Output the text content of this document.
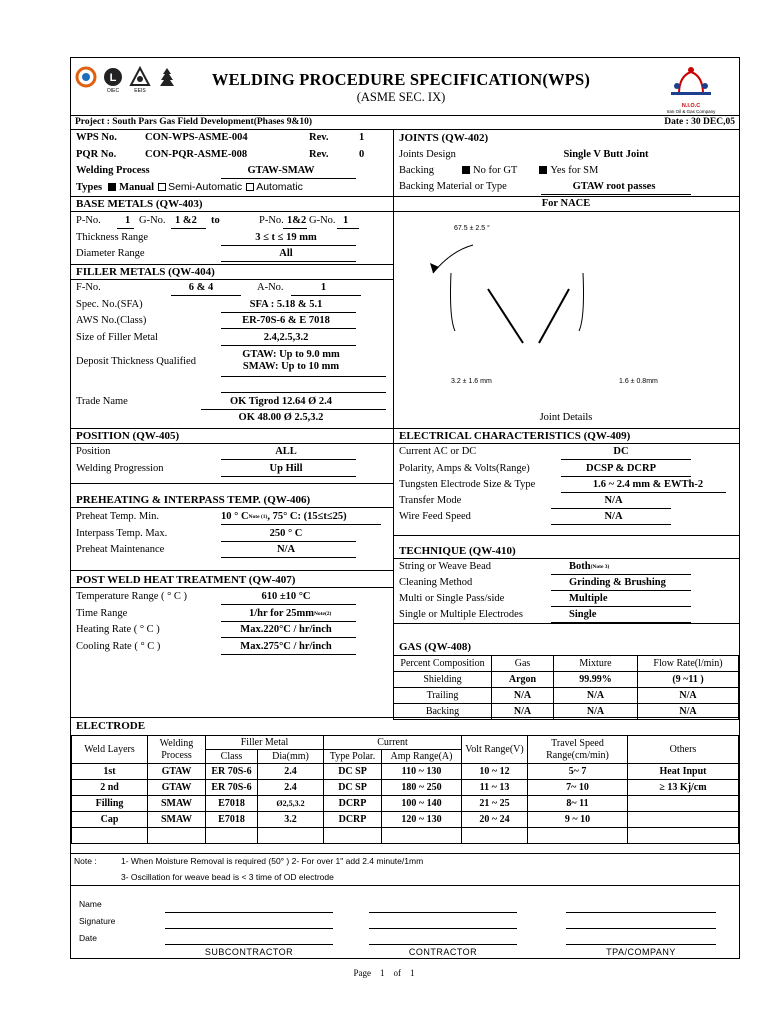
L
OIEC	EEIS
WELDING PROCEDURE SPECIFICATION(WPS)
(ASME SEC. IX)
N.I.O.C
Iran Oil & Gas Company
Project : South Pars Gas Field Development(Phases 9&10)	Date : 30 DEC,05
WPS No.	CON-WPS-ASME-004	Rev.	1
PQR No.	CON-PQR-ASME-008	Rev.	0
Welding Process	GTAW-SMAW
Types Manual Semi-Automatic Automatic
JOINTS (QW-402)
Joints Design	Single V Butt Joint
Backing	No for GT	Yes for SM
Backing Material or Type	GTAW root passes
For NACE
67.5 ± 2.5 °
3.2 ± 1.6 mm	1.6 ± 0.8mm
Joint Details
BASE METALS (QW-403)
P-No. 1 G-No. 1 &2 to	P-No. 1&2 G-No. 1
Thickness Range	3 ≤ t ≤ 19 mm
Diameter Range	All
FILLER METALS (QW-404)
F-No.	6 & 4	A-No.	1
Spec. No.(SFA)	SFA : 5.18 & 5.1
AWS No.(Class)	ER-70S-6 & E 7018
Size of Filler Metal	2.4,2.5,3.2
Deposit Thickness Qualified
GTAW: Up to 9.0 mm
SMAW: Up to 10 mm
Trade Name	OK Tigrod 12.64 Ø 2.4
OK 48.00 Ø 2.5,3.2
POSITION (QW-405)
Position	ALL
Welding Progression	Up Hill
ELECTRICAL CHARACTERISTICS (QW-409)
Current AC or DC	DC
Polarity, Amps & Volts(Range)	DCSP & DCRP
Tungsten Electrode Size & Type	1.6 ~ 2.4 mm & EWTh-2
Transfer Mode	N/A
Wire Feed Speed	N/A
PREHEATING & INTERPASS TEMP. (QW-406)
Preheat Temp. Min.	10 ° $C^{Note (1)}$, 75° C: (15≤t≤25)
Interpass Temp. Max.	250 ° C
Preheat Maintenance	N/A	TECHNIQUE (QW-410)
String or Weave Bead	Both$^{(Note 3)}$
Cleaning Method	Grinding & Brushing
Multi or Single Pass/side	Multiple
Single or Multiple Electrodes	Single
POST WELD HEAT TREATMENT (QW-407)
Temperature Range ( ° C )	610 ±10 °C
Time Range	1/hr for $25mm^{Note(2)}$
Heating Rate ( ° C )	Max.220°C / hr/inch
Cooling Rate ( ° C )	Max.275°C / hr/inch	GAS (QW-408)
Percent Composition	Gas	Mixture	Flow Rate(l/min)
Shielding	Argon	99.99%	(9 ~11 )
Trailing	N/A	N/A	N/A
Backing	N/A	N/A	N/A
ELECTRODE
Weld Layers	Welding Process	Filler Metal		Current		Volt Range(V)	Travel Speed Range(cm/min)	Others
		Class	Dia(mm)	Type Polar.	Amp Range(A)			
1st	GTAW	ER 70S-6	2.4	DC SP	110 ~ 130	10 ~ 12	5~ 7	Heat Input
2 nd	GTAW	ER 70S-6	2.4	DC SP	180 ~ 250	11 ~ 13	7~ 10	≥ 13 Kj/cm
Filling	SMAW	E7018	Ø2,5,3.2	DCRP	100 ~ 140	21 ~ 25	8~ 11	
Cap	SMAW	E7018	3.2	DCRP	120 ~ 130	20 ~ 24	9 ~ 10	

Note :	1- When Moisture Removal is required (50° ) 2- For over 1" add 2.4 minute/1mm
3- Oscillation for weave bead is < 3 time of OD electrode
Name
Signature
Date
SUBCONTRACTOR	CONTRACTOR	TPA/COMPANY
Page 1 of 1
